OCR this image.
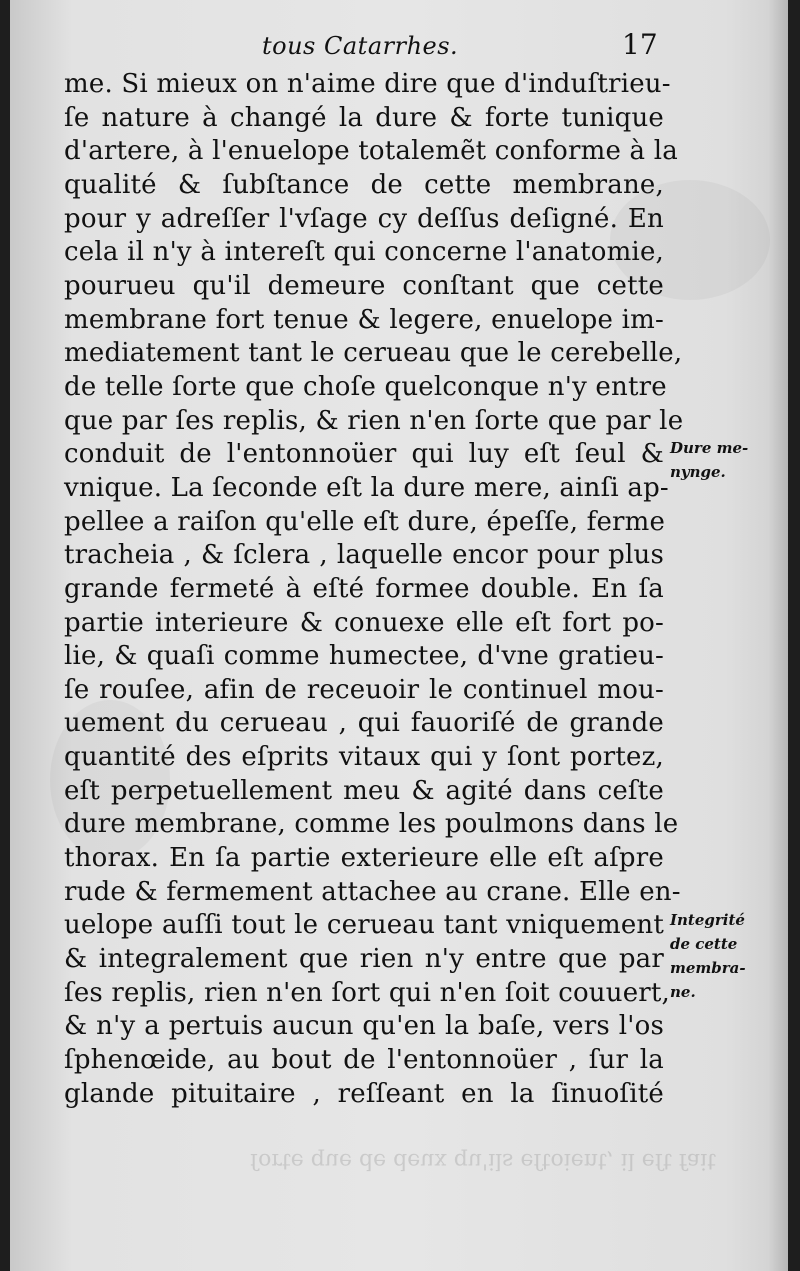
tous Catarrhes.	17
me. Si mieux on n'aime dire que d'induſtrieu-
ſe nature à changé la dure & forte tunique
d'artere, à l'enuelope totalemẽt conforme à la
qualité & ſubſtance de cette membrane,
pour y adreſſer l'vſage cy deſſus deſigné. En
cela il n'y à intereſt qui concerne l'anatomie,
pourueu qu'il demeure conſtant que cette
membrane fort tenue & legere, enuelope im-
mediatement tant le cerueau que le cerebelle,
de telle ſorte que choſe quelconque n'y entre
que par ſes replis, & rien n'en ſorte que par le
conduit de l'entonnoüer qui luy eſt ſeul &
vnique. La ſeconde eſt la dure mere, ainſi ap-
pellee a raiſon qu'elle eſt dure, épeſſe, ferme
tracheia , & ſclera , laquelle encor pour plus
grande fermeté à eſté formee double. En ſa
partie interieure & conuexe elle eſt fort po-
lie, & quaſi comme humectee, d'vne gratieu-
ſe rouſee, afin de receuoir le continuel mou-
uement du cerueau , qui fauoriſé de grande
quantité des eſprits vitaux qui y ſont portez,
eſt perpetuellement meu & agité dans ceſte
dure membrane, comme les poulmons dans le
thorax. En ſa partie exterieure elle eſt aſpre
rude & fermement attachee au crane. Elle en-
uelope auſſi tout le cerueau tant vniquement
& integralement que rien n'y entre que par
ſes replis, rien n'en ſort qui n'en ſoit couuert,
& n'y a pertuis aucun qu'en la baſe, vers l'os
ſphenœide, au bout de l'entonnoüer , ſur la
glande pituitaire , reſſeant en la ſinuoſité
Dure me-
nynge.
Integrité
de cette
membra-
ne.
ſorte que de deux qu'ils eſtoient, il eſt fait
